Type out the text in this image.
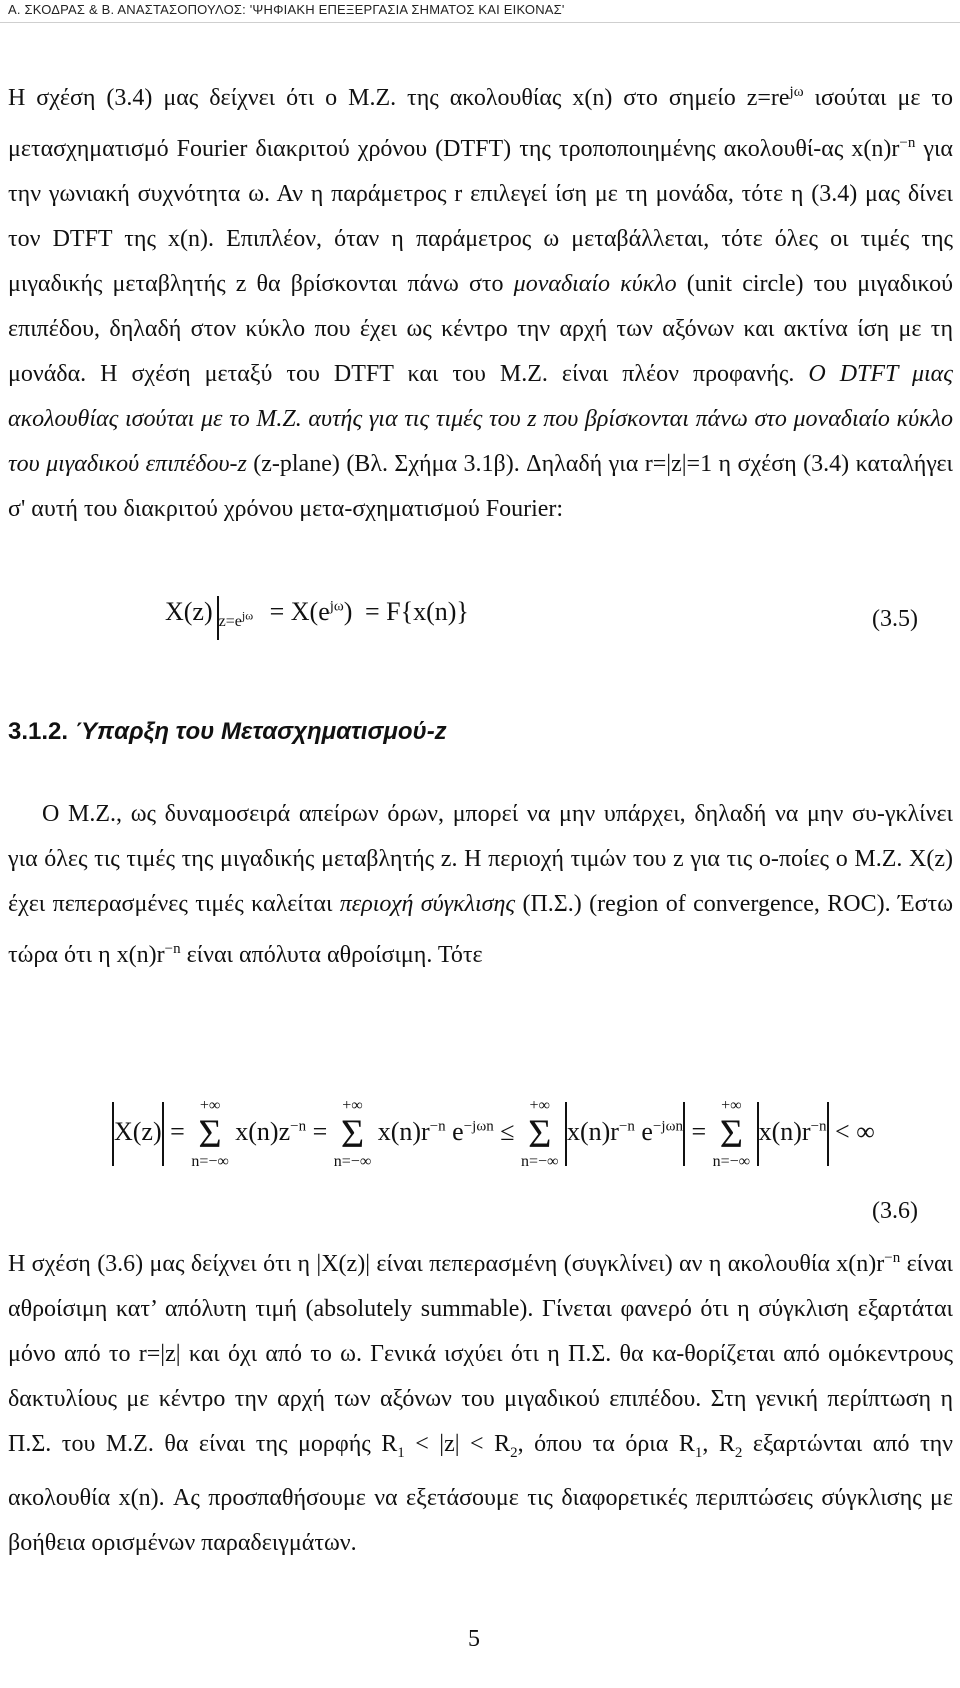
Α. ΣΚΟΔΡΑΣ & Β. ΑΝΑΣΤΑΣΟΠΟΥΛΟΣ: 'ΨΗΦΙΑΚΗ ΕΠΕΞΕΡΓΑΣΙΑ ΣΗΜΑΤΟΣ ΚΑΙ ΕΙΚΟΝΑΣ'

Η σχέση (3.4) μας δείχνει ότι ο Μ.Ζ. της ακολουθίας x(n) στο σημείο $z=re^{j\omega}$ ισούται με το μετασχηματισμό Fourier διακριτού χρόνου (DTFT) της τροποποιημένης ακολουθί-ας $x(n)r^{-n}$ για την γωνιακή συχνότητα ω. Αν η παράμετρος r επιλεγεί ίση με τη μονάδα, τότε η (3.4) μας δίνει τον DTFT της x(n). Επιπλέον, όταν η παράμετρος ω μεταβάλλεται, τότε όλες οι τιμές της μιγαδικής μεταβλητής z θα βρίσκονται πάνω στο μοναδιαίο κύκλο (unit circle) του μιγαδικού επιπέδου, δηλαδή στον κύκλο που έχει ως κέντρο την αρχή των αξόνων και ακτίνα ίση με τη μονάδα. Η σχέση μεταξύ του DTFT και του Μ.Ζ. είναι πλέον προφανής. Ο DTFT μιας ακολουθίας ισούται με το Μ.Ζ. αυτής για τις τιμές του z που βρίσκονται πάνω στο μοναδιαίο κύκλο του μιγαδικού επιπέδου-z (z-plane) (Βλ. Σχήμα 3.1β). Δηλαδή για r=|z|=1 η σχέση (3.4) καταλήγει σ' αυτή του διακριτού χρόνου μετα-σχηματισμού Fourier:

X(z) $_{z=e^{j\omega}} = X(e^{j\omega}) = F\{x(n)\}$	(3.5)
3.1.2. Ύπαρξη του Μετασχηματισμού-z

Ο Μ.Ζ., ως δυναμοσειρά απείρων όρων, μπορεί να μην υπάρχει, δηλαδή να μην συ-γκλίνει για όλες τις τιμές της μιγαδικής μεταβλητής z. Η περιοχή τιμών του z για τις ο-ποίες ο Μ.Ζ. X(z) έχει πεπερασμένες τιμές καλείται περιοχή σύγκλισης (Π.Σ.) (region of convergence, ROC). Έστω τώρα ότι η $x(n)r^{-n}$ είναι απόλυτα αθροίσιμη. Τότε

X(z) =
+∞
Σ
n=−∞
$x(n)z^{-n}$ =
+∞
Σ
n=−∞
$x(n)r^{-n}$ $e^{-j\omega n}$ ≤
+∞
Σ
n=−∞
$x(n)r^{-n}$ $e^{-j\omega n}$ =
+∞
Σ
n=−∞
$x(n)r^{-n}$ < ∞
(3.6)

Η σχέση (3.6) μας δείχνει ότι η |X(z)| είναι πεπερασμένη (συγκλίνει) αν η ακολουθία $x(n)r^{-n}$ είναι αθροίσιμη κατ’ απόλυτη τιμή (absolutely summable). Γίνεται φανερό ότι η σύγκλιση εξαρτάται μόνο από το r=|z| και όχι από το ω. Γενικά ισχύει ότι η Π.Σ. θα κα-θορίζεται από ομόκεντρους δακτυλίους με κέντρο την αρχή των αξόνων του μιγαδικού επιπέδου. Στη γενική περίπτωση η Π.Σ. του Μ.Ζ. θα είναι της μορφής $R_1 < |z| < R_2$, όπου τα όρια $R_1$, $R_2$ εξαρτώνται από την ακολουθία x(n). Ας προσπαθήσουμε να εξετάσουμε τις διαφορετικές περιπτώσεις σύγκλισης με βοήθεια ορισμένων παραδειγμάτων.

5
